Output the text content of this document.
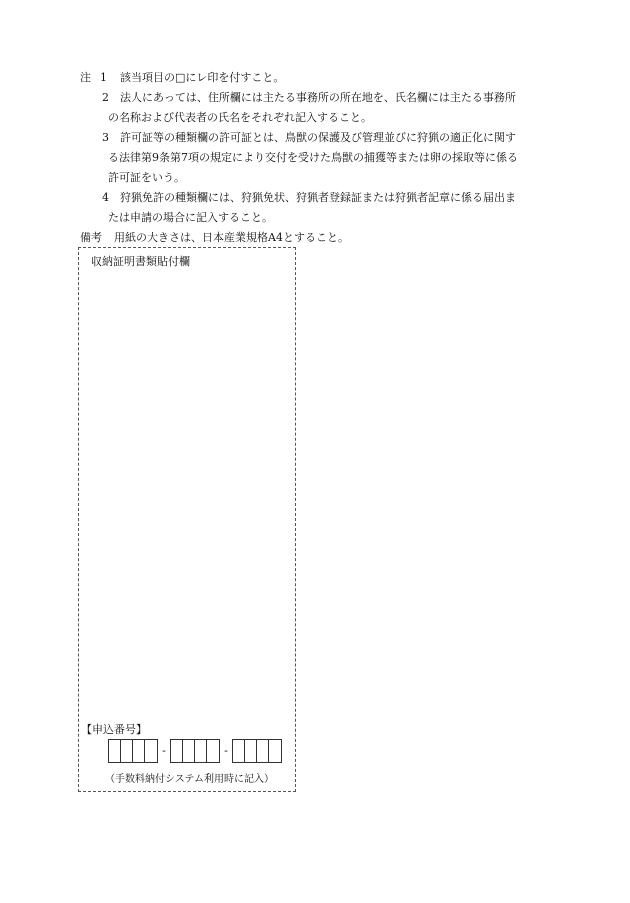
注 1 該当項目の□にレ印を付すこと。
2 法人にあっては、住所欄には主たる事務所の所在地を、氏名欄には主たる事務所
の名称および代表者の氏名をそれぞれ記入すること。
3 許可証等の種類欄の許可証とは、鳥獣の保護及び管理並びに狩猟の適正化に関す
る法律第9条第7項の規定により交付を受けた鳥獣の捕獲等または卵の採取等に係る
許可証をいう。
4 狩猟免許の種類欄には、狩猟免状、狩猟者登録証または狩猟者記章に係る届出ま
たは申請の場合に記入すること。
備考 用紙の大きさは、日本産業規格A4とすること。
収納証明書類貼付欄
【申込番号】
-	-
（手数料納付システム利用時に記入）
